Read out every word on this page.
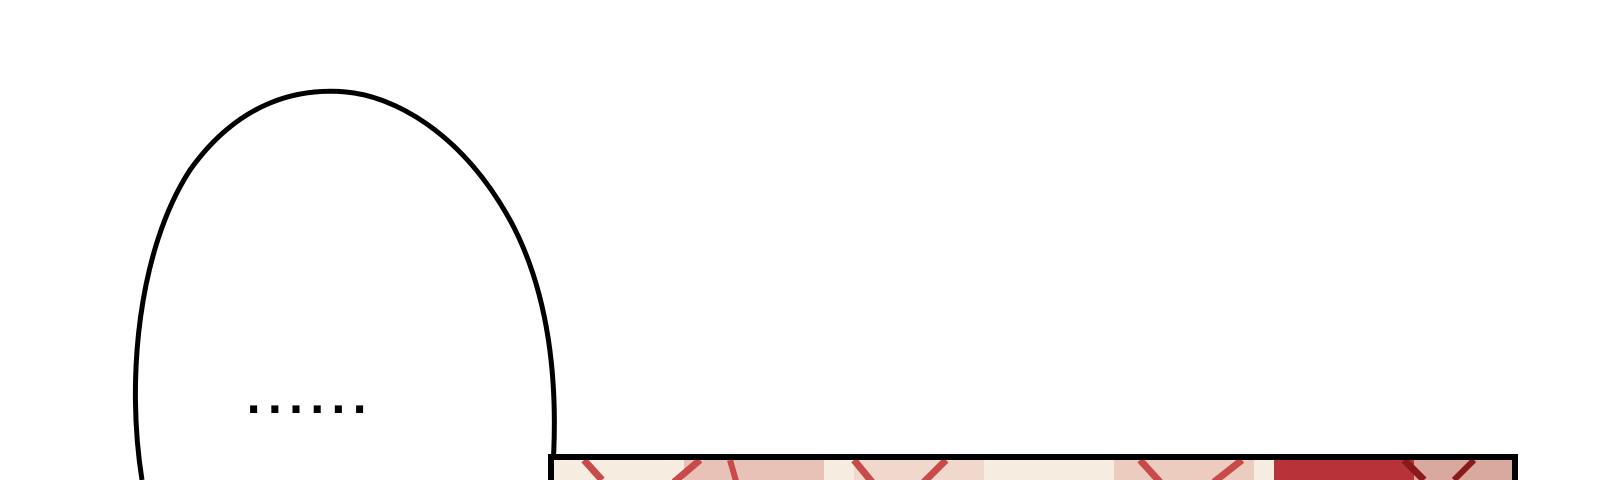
......
